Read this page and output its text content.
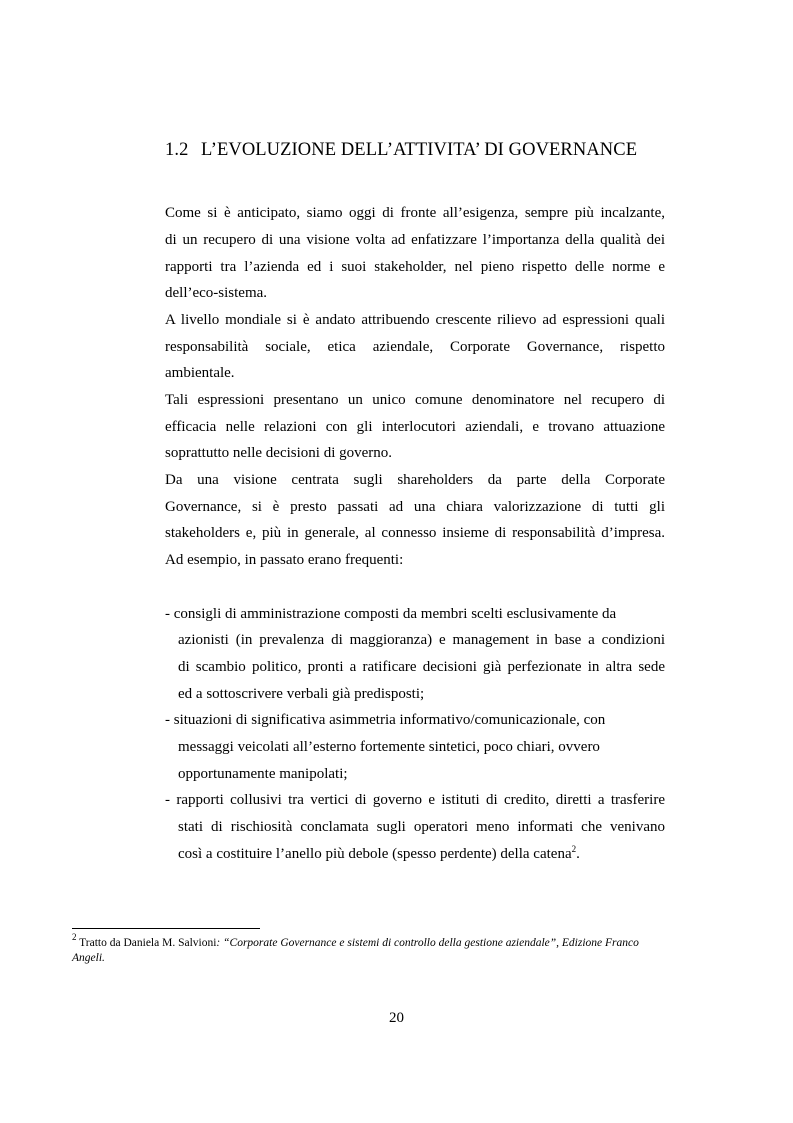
1.2 L’EVOLUZIONE DELL’ATTIVITA’ DI GOVERNANCE
Come si è anticipato, siamo oggi di fronte all’esigenza, sempre più incalzante,
di un recupero di una visione volta ad enfatizzare l’importanza della qualità dei
rapporti tra l’azienda ed i suoi stakeholder, nel pieno rispetto delle norme e
dell’eco-sistema.
A livello mondiale si è andato attribuendo crescente rilievo ad espressioni quali
responsabilità sociale, etica aziendale, Corporate Governance, rispetto
ambientale.
Tali espressioni presentano un unico comune denominatore nel recupero di
efficacia nelle relazioni con gli interlocutori aziendali, e trovano attuazione
soprattutto nelle decisioni di governo.
Da una visione centrata sugli shareholders da parte della Corporate
Governance, si è presto passati ad una chiara valorizzazione di tutti gli
stakeholders e, più in generale, al connesso insieme di responsabilità d’impresa.
Ad esempio, in passato erano frequenti:
- consigli di amministrazione composti da membri scelti esclusivamente da
azionisti (in prevalenza di maggioranza) e management in base a condizioni
di scambio politico, pronti a ratificare decisioni già perfezionate in altra sede
ed a sottoscrivere verbali già predisposti;
- situazioni di significativa asimmetria informativo/comunicazionale, con
messaggi veicolati all’esterno fortemente sintetici, poco chiari, ovvero
opportunamente manipolati;
- rapporti collusivi tra vertici di governo e istituti di credito, diretti a trasferire
stati di rischiosità conclamata sugli operatori meno informati che venivano
così a costituire l’anello più debole (spesso perdente) della catena$^2$.
$^2$ Tratto da Daniela M. Salvioni: “Corporate Governance e sistemi di controllo della gestione aziendale”, Edizione Franco
Angeli.
20
